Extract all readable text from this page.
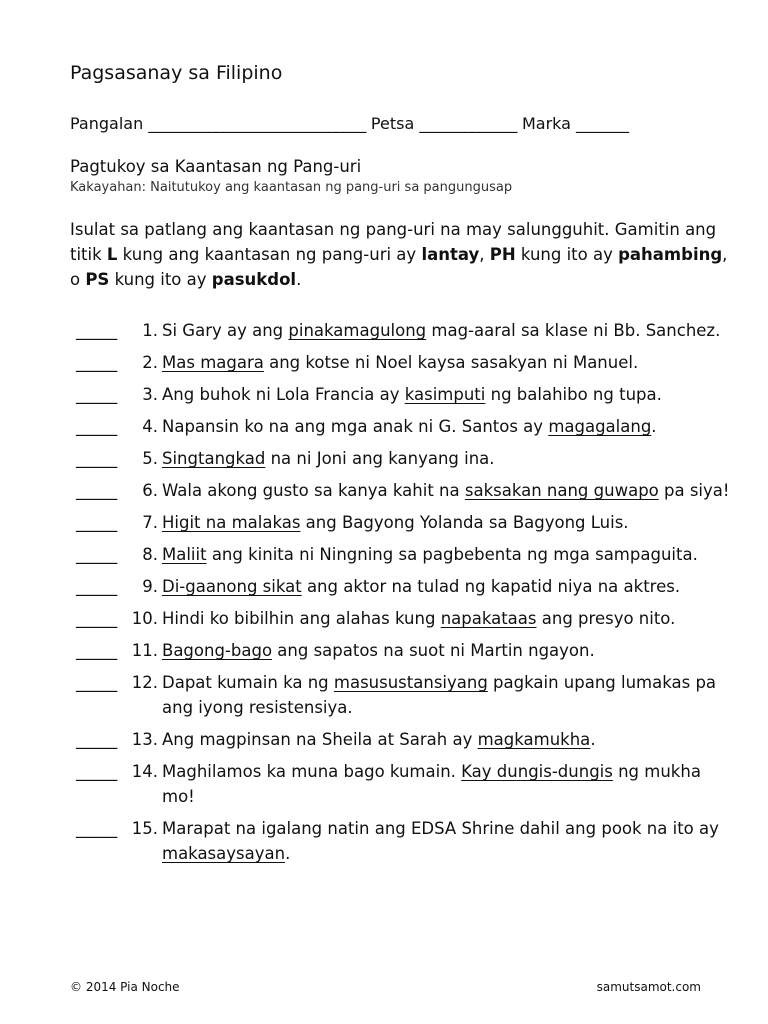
Pagsasanay sa Filipino
Pangalan _____________________________ Petsa _____________ Marka _______
Pagtukoy sa Kaantasan ng Pang-uri
Kakayahan: Naitutukoy ang kaantasan ng pang-uri sa pangungusap
Isulat sa patlang ang kaantasan ng pang-uri na may salungguhit. Gamitin ang titik L kung ang kaantasan ng pang-uri ay lantay, PH kung ito ay pahambing, o PS kung ito ay pasukdol.
_____	1. Si Gary ay ang pinakamagulong mag-aaral sa klase ni Bb. Sanchez.
_____	2. Mas magara ang kotse ni Noel kaysa sasakyan ni Manuel.
_____	3. Ang buhok ni Lola Francia ay kasimputi ng balahibo ng tupa.
_____	4. Napansin ko na ang mga anak ni G. Santos ay magagalang.
_____	5. Singtangkad na ni Joni ang kanyang ina.
_____	6. Wala akong gusto sa kanya kahit na saksakan nang guwapo pa siya!
_____	7. Higit na malakas ang Bagyong Yolanda sa Bagyong Luis.
_____	8. Maliit ang kinita ni Ningning sa pagbebenta ng mga sampaguita.
_____	9. Di-gaanong sikat ang aktor na tulad ng kapatid niya na aktres.
_____ 10. Hindi ko bibilhin ang alahas kung napakataas ang presyo nito.
_____ 11. Bagong-bago ang sapatos na suot ni Martin ngayon.
_____ 12. Dapat kumain ka ng masusustansiyang pagkain upang lumakas pa ang iyong resistensiya.
_____ 13. Ang magpinsan na Sheila at Sarah ay magkamukha.
_____ 14. Maghilamos ka muna bago kumain. Kay dungis-dungis ng mukha mo!
_____ 15. Marapat na igalang natin ang EDSA Shrine dahil ang pook na ito ay makasaysayan.
© 2014 Pia Noche	samutsamot.com
